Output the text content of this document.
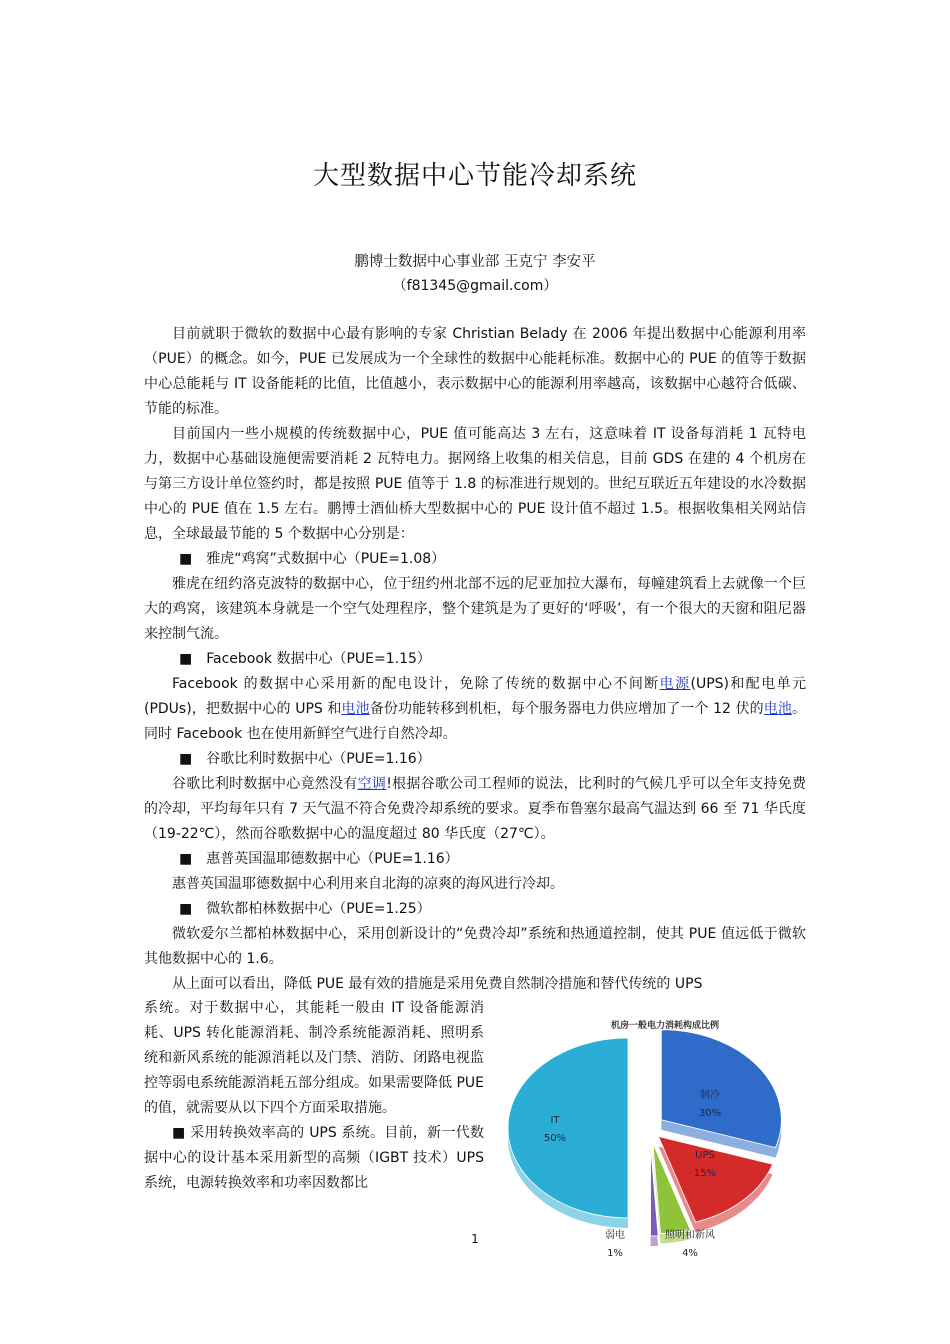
大型数据中心节能冷却系统
鹏博士数据中心事业部 王克宁 李安平
（f81345@gmail.com）

目前就职于微软的数据中心最有影响的专家 Christian Belady 在 2006 年提出数据中心能源利用率（PUE）的概念。如今，PUE 已发展成为一个全球性的数据中心能耗标准。数据中心的 PUE 的值等于数据中心总能耗与 IT 设备能耗的比值，比值越小，表示数据中心的能源利用率越高，该数据中心越符合低碳、节能的标准。

目前国内一些小规模的传统数据中心，PUE 值可能高达 3 左右，这意味着 IT 设备每消耗 1 瓦特电力，数据中心基础设施便需要消耗 2 瓦特电力。据网络上收集的相关信息，目前 GDS 在建的 4 个机房在与第三方设计单位签约时，都是按照 PUE 值等于 1.8 的标准进行规划的。世纪互联近五年建设的水冷数据中心的 PUE 值在 1.5 左右。鹏博士酒仙桥大型数据中心的 PUE 设计值不超过 1.5。根据收集相关网站信息，全球最最节能的 5 个数据中心分别是：

■ 雅虎“鸡窝”式数据中心（PUE=1.08）

雅虎在纽约洛克波特的数据中心，位于纽约州北部不远的尼亚加拉大瀑布，每幢建筑看上去就像一个巨大的鸡窝，该建筑本身就是一个空气处理程序，整个建筑是为了更好的‘呼吸’，有一个很大的天窗和阻尼器来控制气流。

■ Facebook 数据中心（PUE=1.15）

Facebook 的数据中心采用新的配电设计，免除了传统的数据中心不间断电源(UPS)和配电单元(PDUs)，把数据中心的 UPS 和电池备份功能转移到机柜，每个服务器电力供应增加了一个 12 伏的电池。同时 Facebook 也在使用新鲜空气进行自然冷却。

■ 谷歌比利时数据中心（PUE=1.16）

谷歌比利时数据中心竟然没有空调!根据谷歌公司工程师的说法，比利时的气候几乎可以全年支持免费的冷却，平均每年只有 7 天气温不符合免费冷却系统的要求。夏季布鲁塞尔最高气温达到 66 至 71 华氏度（19-22℃），然而谷歌数据中心的温度超过 80 华氏度（27℃）。

■ 惠普英国温耶德数据中心（PUE=1.16）

惠普英国温耶德数据中心利用来自北海的凉爽的海风进行冷却。

■ 微软都柏林数据中心（PUE=1.25）

微软爱尔兰都柏林数据中心，采用创新设计的“免费冷却”系统和热通道控制，使其 PUE 值远低于微软其他数据中心的 1.6。

从上面可以看出，降低 PUE 最有效的措施是采用免费自然制冷措施和替代传统的 UPS

系统。对于数据中心，其能耗一般由 IT 设备能源消耗、UPS 转化能源消耗、制冷系统能源消耗、照明系统和新风系统的能源消耗以及门禁、消防、闭路电视监控等弱电系统能源消耗五部分组成。如果需要降低 PUE 的值，就需要从以下四个方面采取措施。

■ 采用转换效率高的 UPS 系统。目前，新一代数据中心的设计基本采用新型的高频（IGBT 技术）UPS 系统，电源转换效率和功率因数都比

机房一般电力消耗构成比例
IT
50%
制冷
30%
UPS
15%
照明和新风
4%
弱电
1%
1
